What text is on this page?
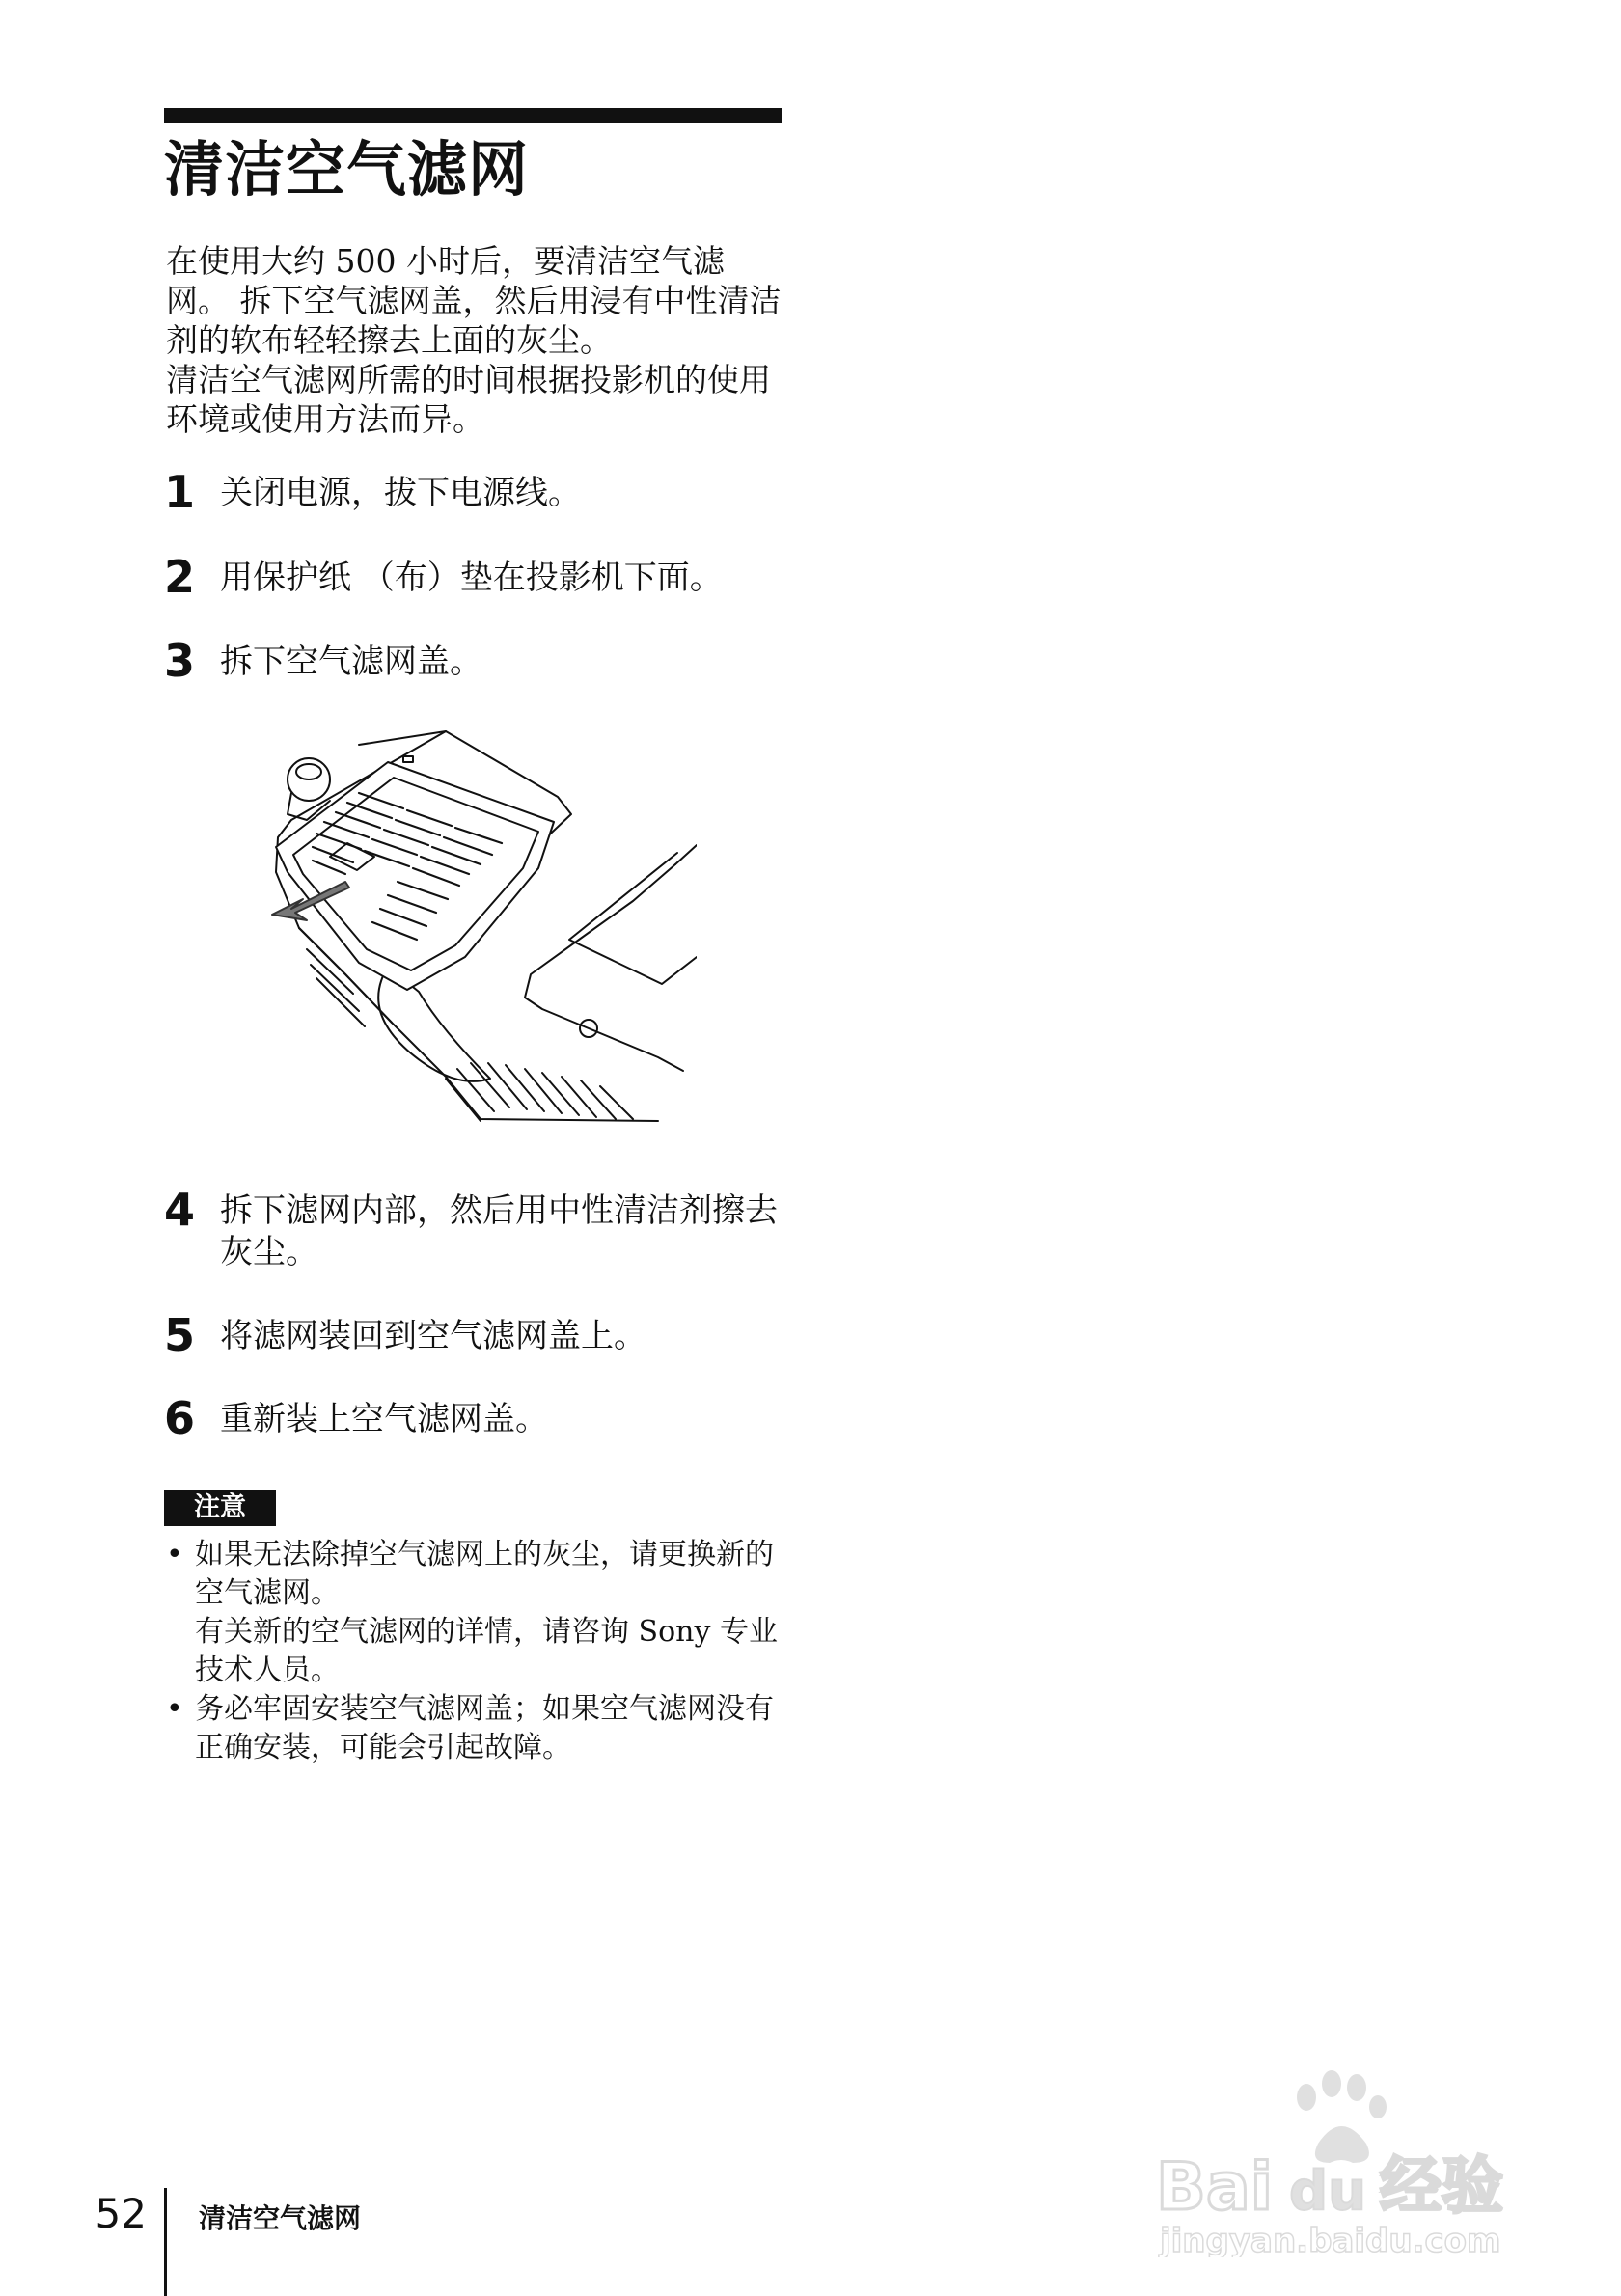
清洁空气滤网

在使用大约 500 小时后，要清洁空气滤网。 拆下空气滤网盖，然后用浸有中性清洁剂的软布轻轻擦去上面的灰尘。

清洁空气滤网所需的时间根据投影机的使用环境或使用方法而异。

1 关闭电源，拔下电源线。
2 用保护纸 （布）垫在投影机下面。
3 拆下空气滤网盖。
4 拆下滤网内部，然后用中性清洁剂擦去灰尘。
5 将滤网装回到空气滤网盖上。
6 重新装上空气滤网盖。
注意
• 如果无法除掉空气滤网上的灰尘，请更换新的空气滤网。

有关新的空气滤网的详情，请咨询 Sony 专业技术人员。

• 务必牢固安装空气滤网盖；如果空气滤网没有正确安装，可能会引起故障。

52 清洁空气滤网	Bai du 经验
jingyan.baidu.com
